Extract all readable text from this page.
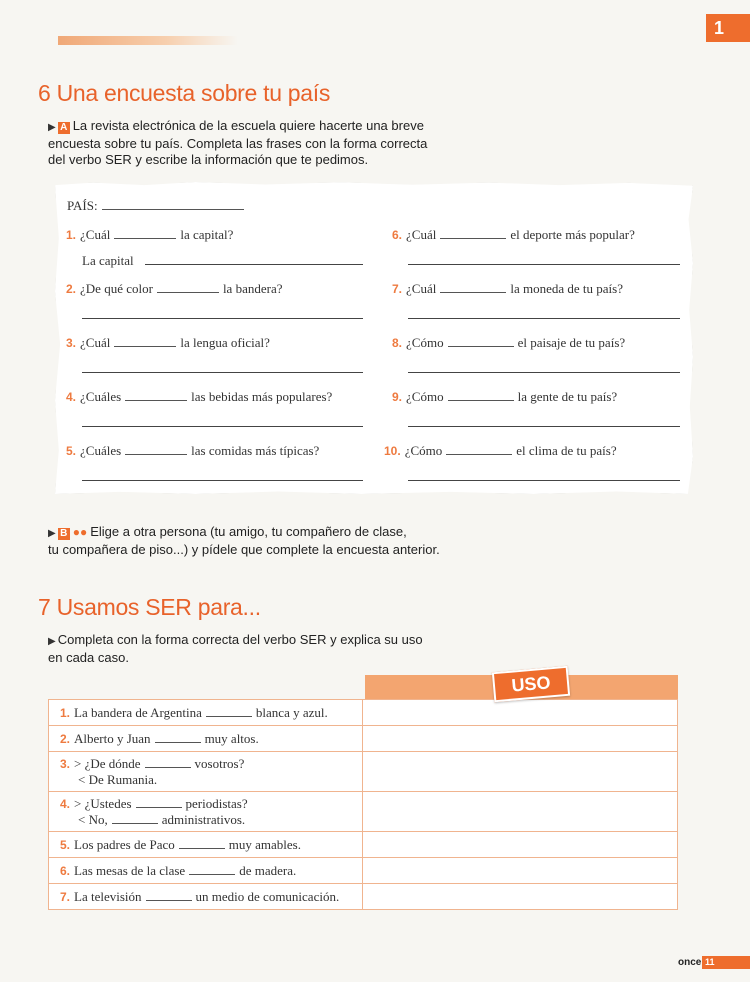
1
6 Una encuesta sobre tu país
▶ A La revista electrónica de la escuela quiere hacerte una breve
encuesta sobre tu país. Completa las frases con la forma correcta
del verbo SER y escribe la información que te pedimos.
PAÍS:
1. ¿Cuál	la capital?
La capital
2. ¿De qué color	la bandera?
3. ¿Cuál	la lengua oficial?
4. ¿Cuáles	las bebidas más populares?
5. ¿Cuáles	las comidas más típicas?
6. ¿Cuál	el deporte más popular?
7. ¿Cuál	la moneda de tu país?
8. ¿Cómo	el paisaje de tu país?
9. ¿Cómo	la gente de tu país?
10. ¿Cómo	el clima de tu país?
▶ B ●● Elige a otra persona (tu amigo, tu compañero de clase,
tu compañera de piso...) y pídele que complete la encuesta anterior.
7 Usamos SER para...
▶ Completa con la forma correcta del verbo SER y explica su uso
en cada caso.
1. La bandera de Argentina blanca y azul.	
2. Alberto y Juan muy altos.	
3. > ¿De dónde vosotros?
< De Rumania.	

4. > ¿Ustedes periodistas?
< No, administrativos.	

5. Los padres de Paco muy amables.	
6. Las mesas de la clase de madera.	
7. La televisión un medio de comunicación.	
USO
once 11
